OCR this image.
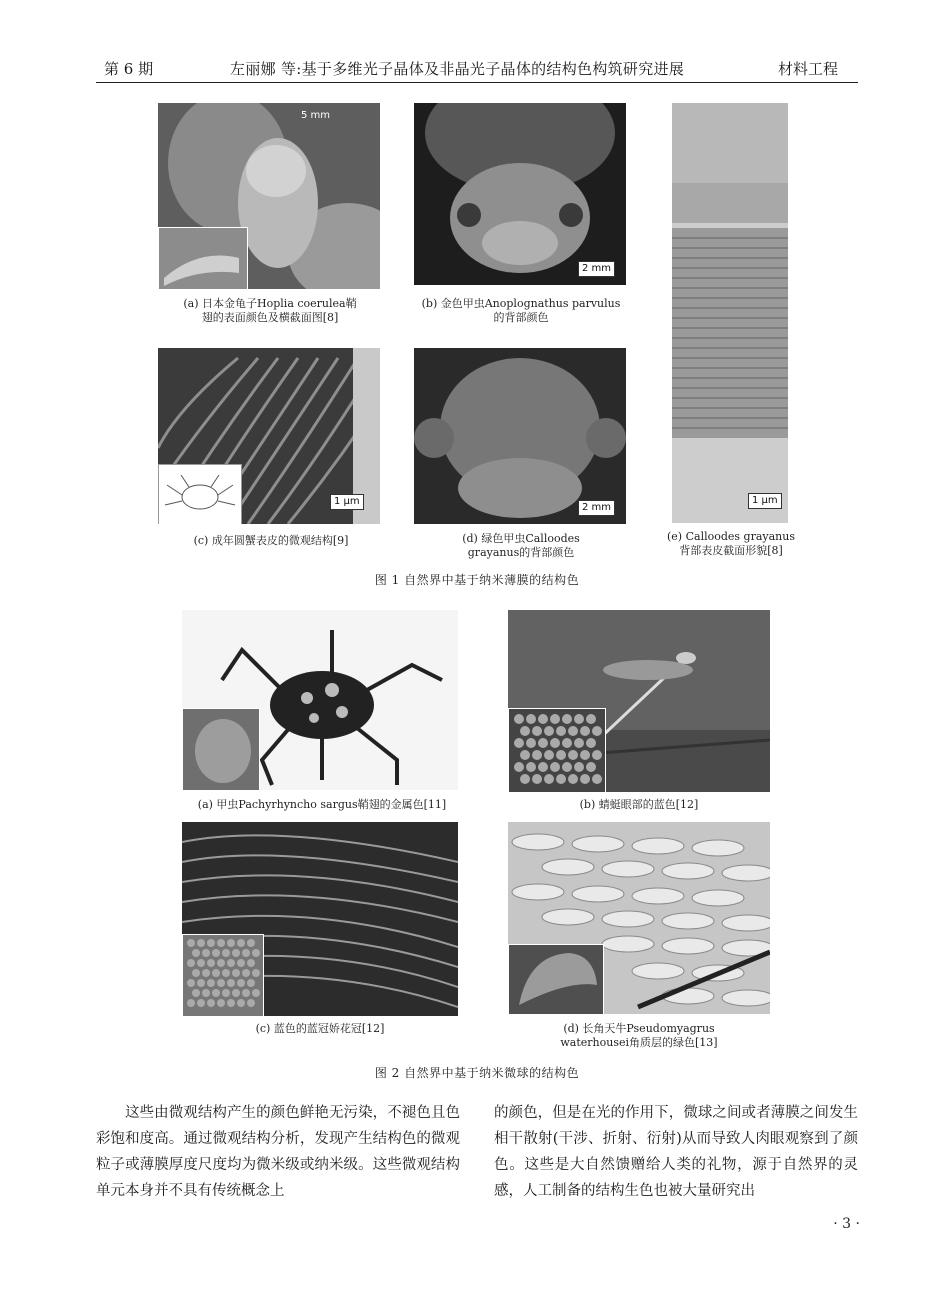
第 6 期	左丽娜 等:基于多维光子晶体及非晶光子晶体的结构色构筑研究进展	材料工程
5 mm
(a) 日本金龟子Hoplia coerulea鞘
翅的表面颜色及横截面图[8]
2 mm
(b) 金色甲虫Anoplognathus parvulus
的背部颜色
1 μm
(e) Calloodes grayanus
背部表皮截面形貌[8]
1 μm
(c) 成年圆蟹表皮的微观结构[9]
2 mm
(d) 绿色甲虫Calloodes
grayanus的背部颜色
图 1 自然界中基于纳米薄膜的结构色
(a) 甲虫Pachyrhyncho sargus鞘翅的金属色[11]	(b) 蜻蜓眼部的蓝色[12]
(c) 蓝色的蓝冠娇花冠[12]	(d) 长角天牛Pseudomyagrus
waterhousei角质层的绿色[13]
图 2 自然界中基于纳米微球的结构色
这些由微观结构产生的颜色鲜艳无污染，不褪色且色彩饱和度高。通过微观结构分析，发现产生结构色的微观粒子或薄膜厚度尺度均为微米级或纳米级。这些微观结构单元本身并不具有传统概念上
的颜色，但是在光的作用下，微球之间或者薄膜之间发生相干散射(干涉、折射、衍射)从而导致人肉眼观察到了颜色。这些是大自然馈赠给人类的礼物，源于自然界的灵感，人工制备的结构生色也被大量研究出
· 3 ·
